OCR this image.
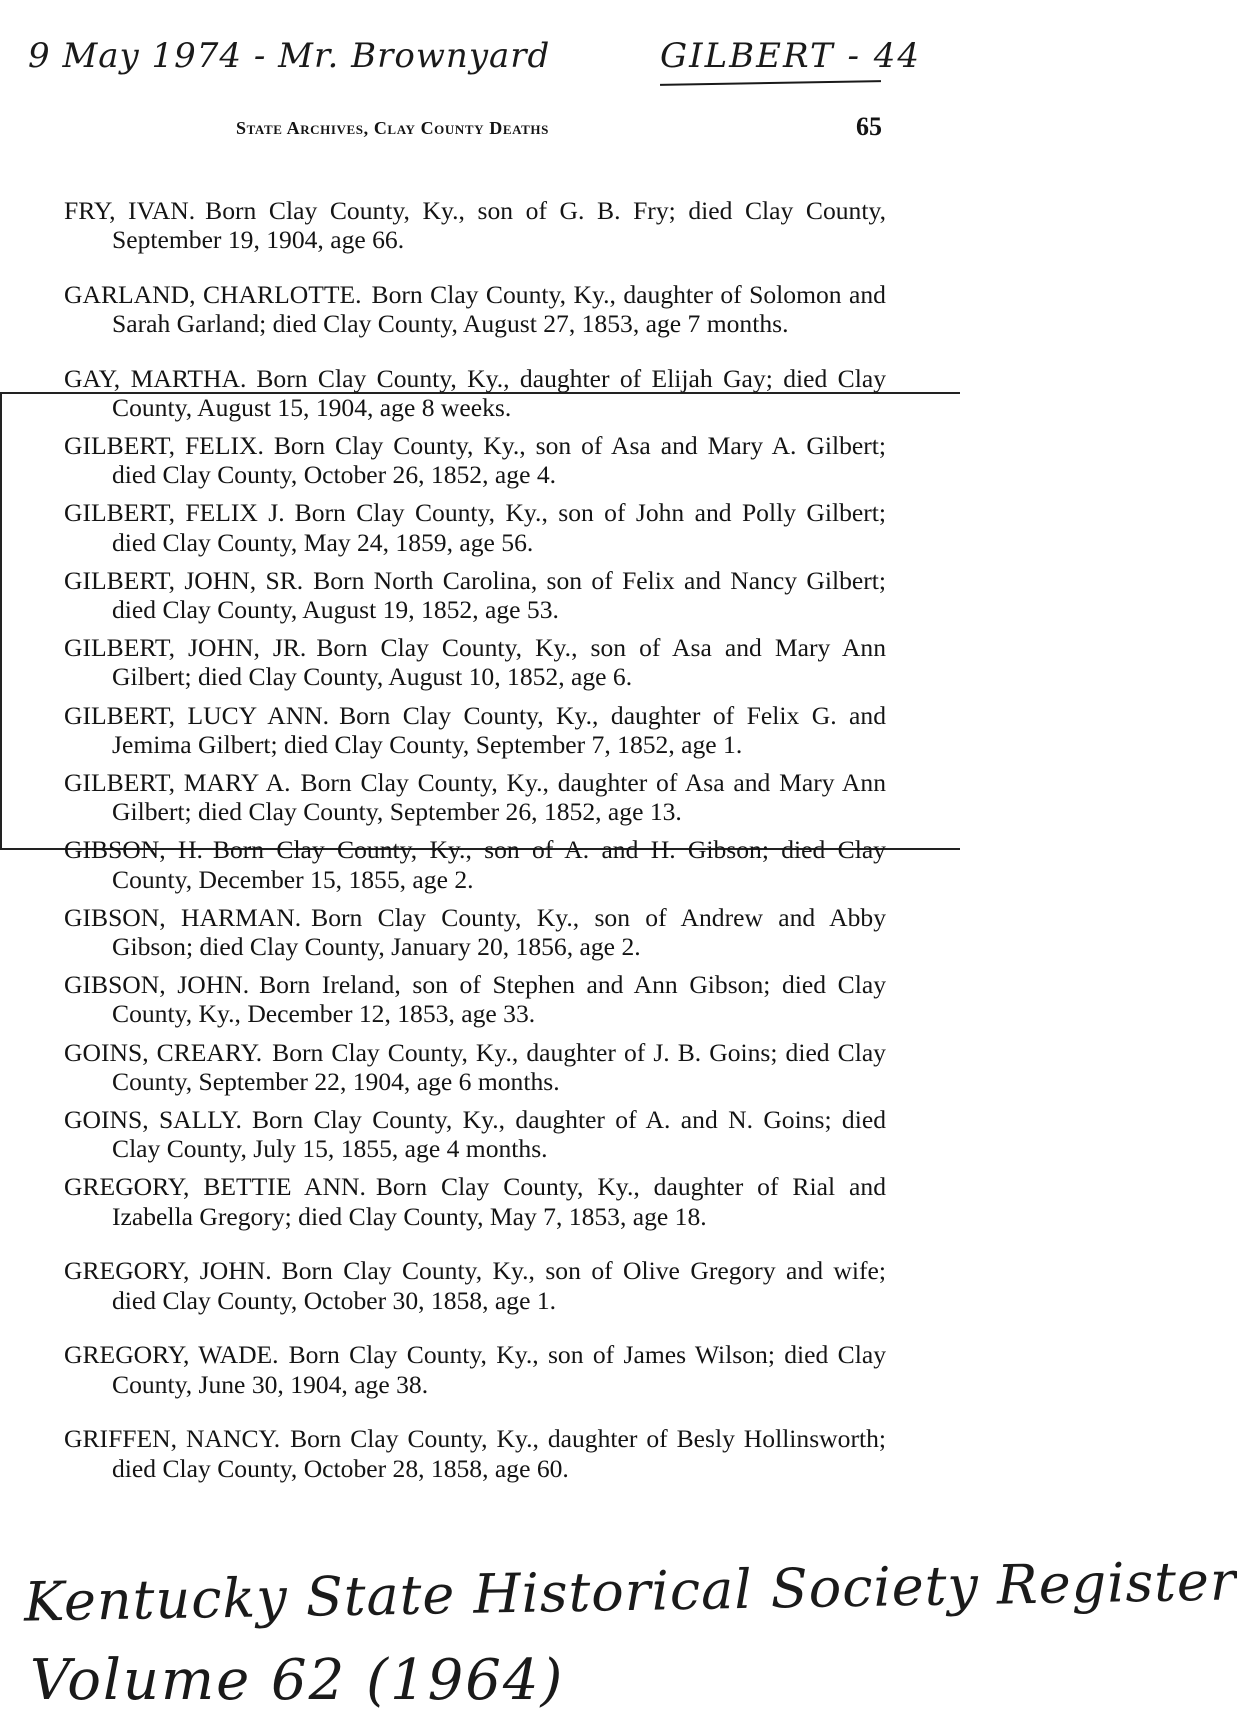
9 May 1974 - Mr. Brownyard	GILBERT - 44
State Archives, Clay County Deaths	65

FRY, IVAN. Born Clay County, Ky., son of G. B. Fry; died Clay County, September 19, 1904, age 66.

GARLAND, CHARLOTTE. Born Clay County, Ky., daughter of Solomon and Sarah Garland; died Clay County, August 27, 1853, age 7 months.

GAY, MARTHA. Born Clay County, Ky., daughter of Elijah Gay; died Clay County, August 15, 1904, age 8 weeks.

GILBERT, FELIX. Born Clay County, Ky., son of Asa and Mary A. Gilbert; died Clay County, October 26, 1852, age 4.

GILBERT, FELIX J. Born Clay County, Ky., son of John and Polly Gilbert; died Clay County, May 24, 1859, age 56.

GILBERT, JOHN, SR. Born North Carolina, son of Felix and Nancy Gilbert; died Clay County, August 19, 1852, age 53.

GILBERT, JOHN, JR. Born Clay County, Ky., son of Asa and Mary Ann Gilbert; died Clay County, August 10, 1852, age 6.

GILBERT, LUCY ANN. Born Clay County, Ky., daughter of Felix G. and Jemima Gilbert; died Clay County, September 7, 1852, age 1.

GILBERT, MARY A. Born Clay County, Ky., daughter of Asa and Mary Ann Gilbert; died Clay County, September 26, 1852, age 13.

GIBSON, H. Born Clay County, Ky., son of A. and H. Gibson; died Clay County, December 15, 1855, age 2.

GIBSON, HARMAN. Born Clay County, Ky., son of Andrew and Abby Gibson; died Clay County, January 20, 1856, age 2.

GIBSON, JOHN. Born Ireland, son of Stephen and Ann Gibson; died Clay County, Ky., December 12, 1853, age 33.

GOINS, CREARY. Born Clay County, Ky., daughter of J. B. Goins; died Clay County, September 22, 1904, age 6 months.

GOINS, SALLY. Born Clay County, Ky., daughter of A. and N. Goins; died Clay County, July 15, 1855, age 4 months.

GREGORY, BETTIE ANN. Born Clay County, Ky., daughter of Rial and Izabella Gregory; died Clay County, May 7, 1853, age 18.

GREGORY, JOHN. Born Clay County, Ky., son of Olive Gregory and wife; died Clay County, October 30, 1858, age 1.

GREGORY, WADE. Born Clay County, Ky., son of James Wilson; died Clay County, June 30, 1904, age 38.

GRIFFEN, NANCY. Born Clay County, Ky., daughter of Besly Hollinsworth; died Clay County, October 28, 1858, age 60.

Kentucky State Historical Society Register
Volume 62 (1964)
